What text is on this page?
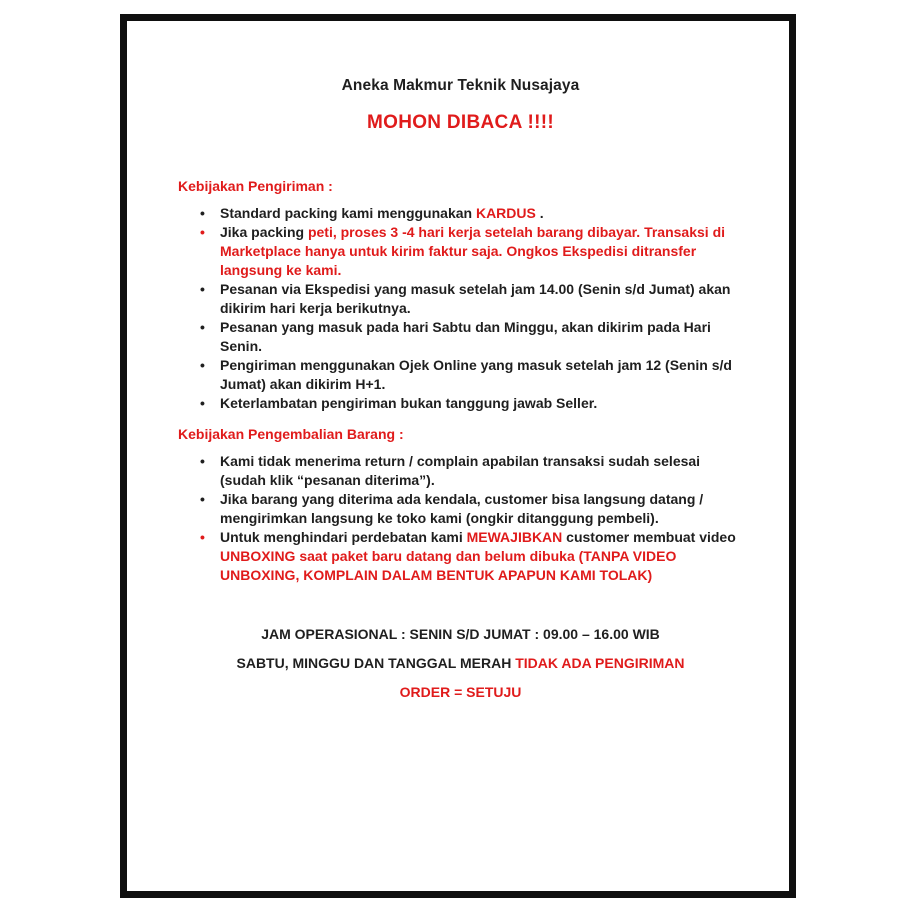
Aneka Makmur Teknik Nusajaya
MOHON DIBACA !!!!
Kebijakan Pengiriman :
•	Standard packing kami menggunakan KARDUS .
•	Jika packing peti, proses 3 -4 hari kerja setelah barang dibayar. Transaksi di Marketplace hanya untuk kirim faktur saja. Ongkos Ekspedisi ditransfer langsung ke kami.
•	Pesanan via Ekspedisi yang masuk setelah jam 14.00 (Senin s/d Jumat) akan dikirim hari kerja berikutnya.
•	Pesanan yang masuk pada hari Sabtu dan Minggu, akan dikirim pada Hari Senin.
•	Pengiriman menggunakan Ojek Online yang masuk setelah jam 12 (Senin s/d Jumat) akan dikirim H+1.
•	Keterlambatan pengiriman bukan tanggung jawab Seller.
Kebijakan Pengembalian Barang :
•	Kami tidak menerima return / complain apabilan transaksi sudah selesai (sudah klik “pesanan diterima”).
•	Jika barang yang diterima ada kendala, customer bisa langsung datang / mengirimkan langsung ke toko kami (ongkir ditanggung pembeli).
•	Untuk menghindari perdebatan kami MEWAJIBKAN customer membuat video UNBOXING saat paket baru datang dan belum dibuka (TANPA VIDEO UNBOXING, KOMPLAIN DALAM BENTUK APAPUN KAMI TOLAK)

JAM OPERASIONAL : SENIN S/D JUMAT : 09.00 – 16.00 WIB

SABTU, MINGGU DAN TANGGAL MERAH TIDAK ADA PENGIRIMAN

ORDER = SETUJU
